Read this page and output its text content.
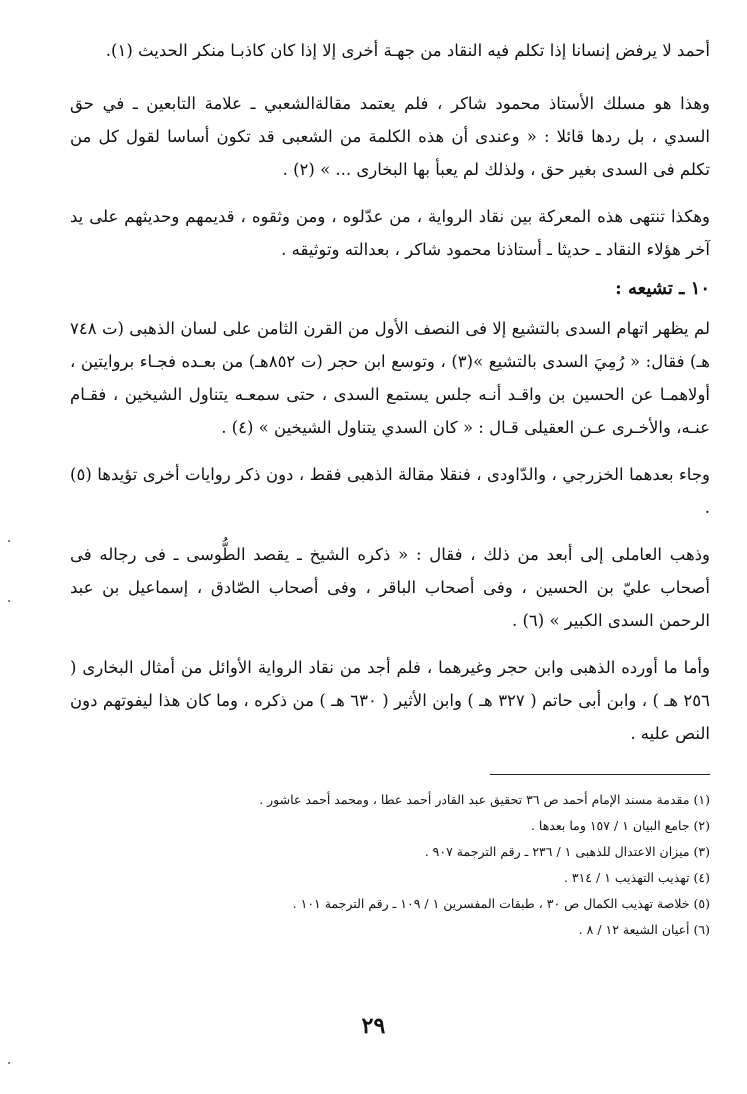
أحمد لا يرفض إنسانا إذا تكلم فيه النقاد من جهـة أخرى إلا إذا كان كاذبـا منكر الحديث (١).

وهذا هو مسلك الأستاذ محمود شاكر ، فلم يعتمد مقالةالشعبي ـ علامة التابعين ـ في حق السدي ، بل ردها قائلا : « وعندى أن هذه الكلمة من الشعبى قد تكون أساسا لقول كل من تكلم فى السدى بغير حق ، ولذلك لم يعبأ بها البخارى ... » (٢) .

وهكذا تنتهى هذه المعركة بين نقاد الرواية ، من عدّلوه ، ومن وثقوه ، قديمهم وحديثهم على يد آخر هؤلاء النقاد ـ حديثا ـ أستاذنا محمود شاكر ، بعدالته وتوثيقه .

١٠ ـ تشيعه :

لم يظهر اتهام السدى بالتشيع إلا فى النصف الأول من القرن الثامن على لسان الذهبى (ت ٧٤٨ هـ) فقال: « رُمِيَ السدى بالتشيع »(٣) ، وتوسع ابن حجر (ت ٨٥٢هـ) من بعـده فجـاء بروايتين ، أولاهمـا عن الحسين بن واقـد أنـه جلس يستمع السدى ، حتى سمعـه يتناول الشيخين ، فقـام عنـه، والأخـرى عـن العقيلى قـال : « كان السدي يتناول الشيخين » (٤) .

وجاء بعدهما الخزرجي ، والدّاودى ، فنقلا مقالة الذهبى فقط ، دون ذكر روايات أخرى تؤيدها (٥) .

وذهب العاملى إلى أبعد من ذلك ، فقال : « ذكره الشيخ ـ يقصد الطُّوسى ـ فى رجاله فى أصحاب عليّ بن الحسين ، وفى أصحاب الباقر ، وفى أصحاب الصّادق ، إسماعيل بن عبد الرحمن السدى الكبير » (٦) .

وأما ما أورده الذهبى وابن حجر وغيرهما ، فلم أجد من نقاد الرواية الأوائل من أمثال البخارى ( ٢٥٦ هـ ) ، وابن أبى حاتم ( ٣٢٧ هـ ) وابن الأثير ( ٦٣٠ هـ ) من ذكره ، وما كان هذا ليفوتهم دون النص عليه .

(١) مقدمة مسند الإمام أحمد ص ٣٦ تحقيق عبد القادر أحمد عطا ، ومحمد أحمد عاشور .
(٢) جامع البيان ١ / ١٥٧ وما بعدها .
(٣) ميزان الاعتدال للذهبى ١ / ٢٣٦ ـ رقم الترجمة ٩٠٧ .
(٤) تهذيب التهذيب ١ / ٣١٤ .
(٥) خلاصة تهذيب الكمال ص ٣٠ ، طبقات المفسرين ١ / ١٠٩ ـ رقم الترجمة ١٠١ .
(٦) أعيان الشيعة ١٢ / ٨ .
٢٩
